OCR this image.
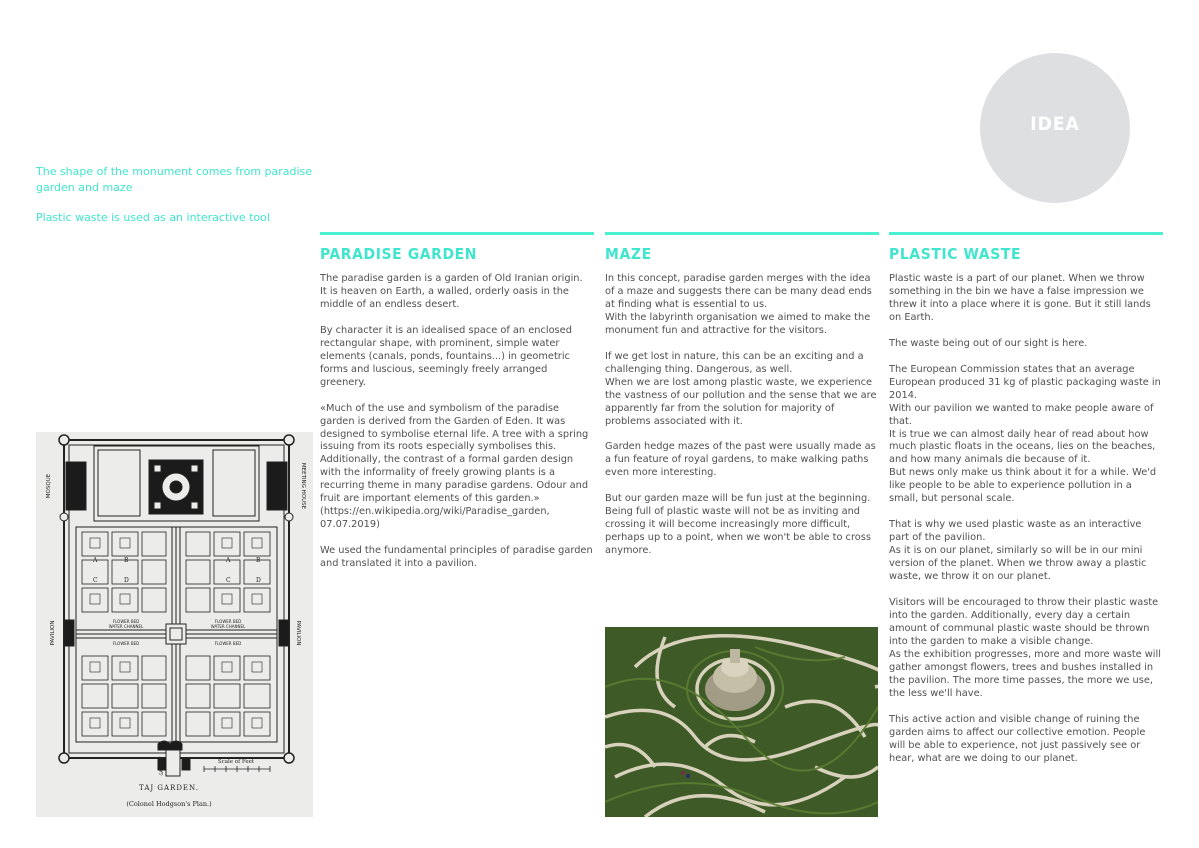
IDEA

The shape of the monument comes from paradise garden and maze

Plastic waste is used as an interactive tool

PARADISE GARDEN

The paradise garden is a garden of Old Iranian origin.
It is heaven on Earth, a walled, orderly oasis in the middle of an endless desert.

By character it is an idealised space of an enclosed rectangular shape, with prominent, simple water elements (canals, ponds, fountains...) in geometric forms and luscious, seemingly freely arranged greenery.

«Much of the use and symbolism of the paradise garden is derived from the Garden of Eden. It was designed to symbolise eternal life. A tree with a spring issuing from its roots especially symbolises this. Additionally, the contrast of a formal garden design with the informality of freely growing plants is a recurring theme in many paradise gardens. Odour and fruit are important elements of this garden.»
(https://en.wikipedia.org/wiki/Paradise_garden, 07.07.2019)

We used the fundamental principles of paradise garden and translated it into a pavilion.

MAZE

In this concept, paradise garden merges with the idea of a maze and suggests there can be many dead ends at finding what is essential to us.
With the labyrinth organisation we aimed to make the monument fun and attractive for the visitors.

If we get lost in nature, this can be an exciting and a challenging thing. Dangerous, as well.
When we are lost among plastic waste, we experience the vastness of our pollution and the sense that we are apparently far from the solution for majority of problems associated with it.

Garden hedge mazes of the past were usually made as a fun feature of royal gardens, to make walking paths even more interesting.

But our garden maze will be fun just at the beginning. Being full of plastic waste will not be as inviting and crossing it will become increasingly more difficult, perhaps up to a point, when we won't be able to cross anymore.

PLASTIC WASTE

Plastic waste is a part of our planet. When we throw something in the bin we have a false impression we threw it into a place where it is gone. But it still lands on Earth.

The waste being out of our sight is here.

The European Commission states that an average European produced 31 kg of plastic packaging waste in 2014.
With our pavilion we wanted to make people aware of that.
It is true we can almost daily hear of read about how much plastic floats in the oceans, lies on the beaches, and how many animals die because of it.
But news only make us think about it for a while. We'd like people to be able to experience pollution in a small, but personal scale.

That is why we used plastic waste as an interactive part of the pavilion.
As it is on our planet, similarly so will be in our mini version of the planet. When we throw away a plastic waste, we throw it on our planet.

Visitors will be encouraged to throw their plastic waste into the garden. Additionally, every day a certain amount of communal plastic waste should be thrown into the garden to make a visible change.
As the exhibition progresses, more and more waste will gather amongst flowers, trees and bushes installed in the pavilion. The more time passes, the more we use, the less we'll have.

This active action and visible change of ruining the garden aims to affect our collective emotion. People will be able to experience, not just passively see or hear, what are we doing to our planet.

A	B
C	D
A	B
C	D
FLOWER BED
WATER CHANNEL
FLOWER BED
FLOWER BED
WATER CHANNEL
FLOWER BED
MOSQUE	MEETING HOUSE
PAVILION	PAVILION
GATEWAY	Scale of Feet
TAJ GARDEN.
(Colonel Hodgson's Plan.)
